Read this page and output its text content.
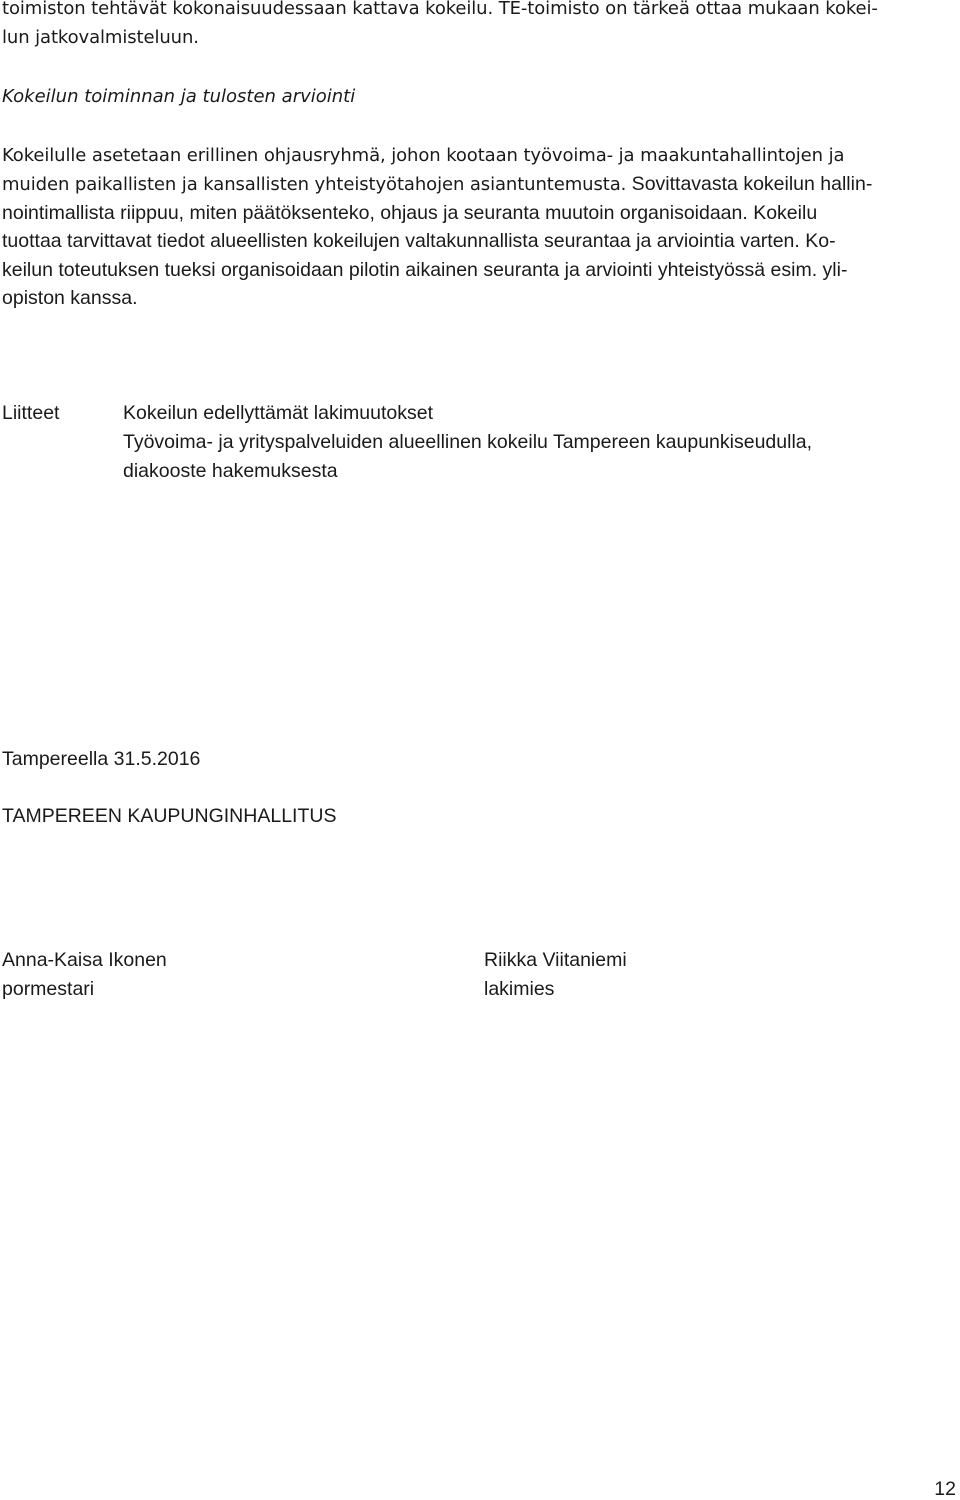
toimiston tehtävät kokonaisuudessaan kattava kokeilu. TE-toimisto on tärkeä ottaa mukaan kokei-
lun jatkovalmisteluun.
Kokeilun toiminnan ja tulosten arviointi
Kokeilulle asetetaan erillinen ohjausryhmä, johon kootaan työvoima- ja maakuntahallintojen ja
muiden paikallisten ja kansallisten yhteistyötahojen asiantuntemusta. Sovittavasta kokeilun hallin-
nointimallista riippuu, miten päätöksenteko, ohjaus ja seuranta muutoin organisoidaan. Kokeilu
tuottaa tarvittavat tiedot alueellisten kokeilujen valtakunnallista seurantaa ja arviointia varten. Ko-
keilun toteutuksen tueksi organisoidaan pilotin aikainen seuranta ja arviointi yhteistyössä esim. yli-
opiston kanssa.
Liitteet	Kokeilun edellyttämät lakimuutokset
Työvoima- ja yrityspalveluiden alueellinen kokeilu Tampereen kaupunkiseudulla,
diakooste hakemuksesta
Tampereella 31.5.2016
TAMPEREEN KAUPUNGINHALLITUS
Anna-Kaisa Ikonen
pormestari
Riikka Viitaniemi
lakimies
12
